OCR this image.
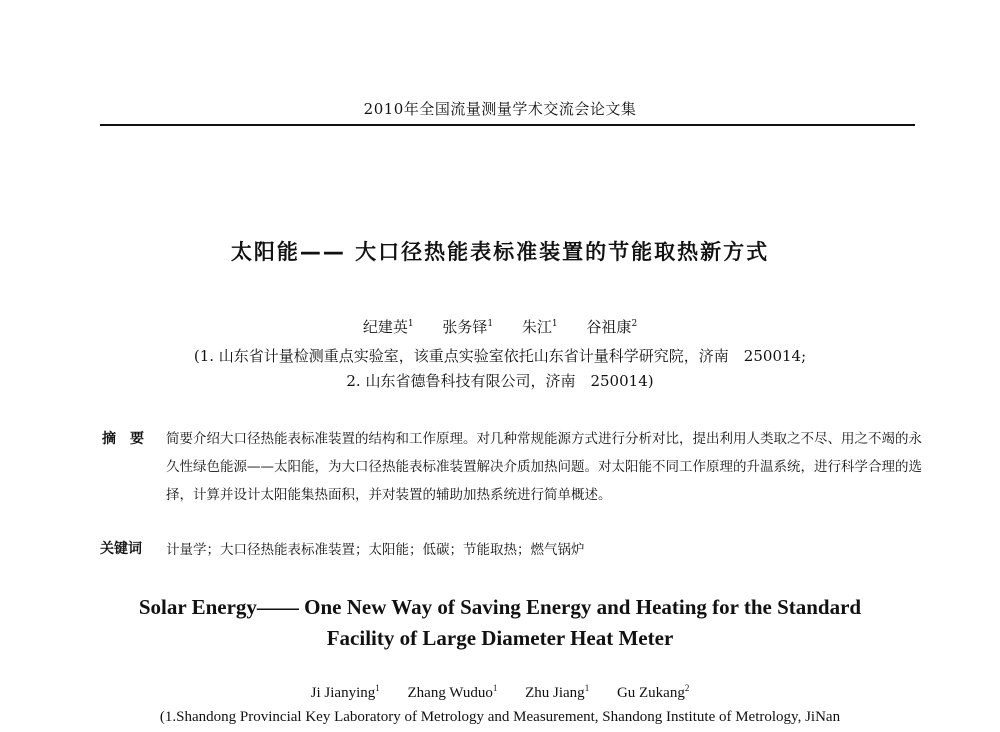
2010年全国流量测量学术交流会论文集
太阳能—— 大口径热能表标准装置的节能取热新方式
纪建英$^1$ 张务铎$^1$ 朱江$^1$ 谷祖康$^2$
(1. 山东省计量检测重点实验室，该重点实验室依托山东省计量科学研究院，济南　250014;
2. 山东省德鲁科技有限公司，济南　250014)
摘　要 简要介绍大口径热能表标准装置的结构和工作原理。对几种常规能源方式进行分析对比，提出利用人类取之不尽、用之不竭的永久性绿色能源——太阳能，为大口径热能表标准装置解决介质加热问题。对太阳能不同工作原理的升温系统，进行科学合理的选择，计算并设计太阳能集热面积，并对装置的辅助加热系统进行简单概述。
关键词 计量学；大口径热能表标准装置；太阳能；低碳；节能取热；燃气锅炉
Solar Energy—— One New Way of Saving Energy and Heating for the Standard
Facility of Large Diameter Heat Meter
Ji Jianying$^1$ Zhang Wuduo$^1$ Zhu Jiang$^1$ Gu Zukang$^2$
(1.Shandong Provincial Key Laboratory of Metrology and Measurement, Shandong Institute of Metrology, JiNan
